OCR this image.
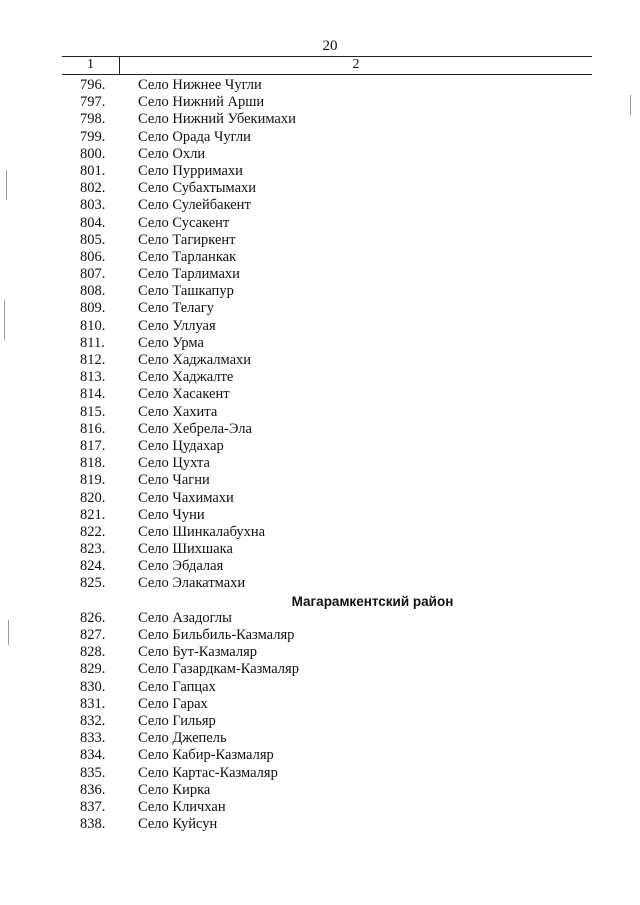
20
1	2
796.	Село Нижнее Чугли
797.	Село Нижний Арши
798.	Село Нижний Убекимахи
799.	Село Орада Чугли
800.	Село Охли
801.	Село Пурримахи
802.	Село Субахтымахи
803.	Село Сулейбакент
804.	Село Сусакент
805.	Село Тагиркент
806.	Село Тарланкак
807.	Село Тарлимахи
808.	Село Ташкапур
809.	Село Телагу
810.	Село Уллуая
811.	Село Урма
812.	Село Хаджалмахи
813.	Село Хаджалте
814.	Село Хасакент
815.	Село Хахита
816.	Село Хебрела-Эла
817.	Село Цудахар
818.	Село Цухта
819.	Село Чагни
820.	Село Чахимахи
821.	Село Чуни
822.	Село Шинкалабухна
823.	Село Шихшака
824.	Село Эбдалая
825.	Село Элакатмахи
Магарамкентский район
826.	Село Азадоглы
827.	Село Бильбиль-Казмаляр
828.	Село Бут-Казмаляр
829.	Село Газардкам-Казмаляр
830.	Село Гапцах
831.	Село Гарах
832.	Село Гильяр
833.	Село Джепель
834.	Село Кабир-Казмаляр
835.	Село Картас-Казмаляр
836.	Село Кирка
837.	Село Кличхан
838.	Село Куйсун
